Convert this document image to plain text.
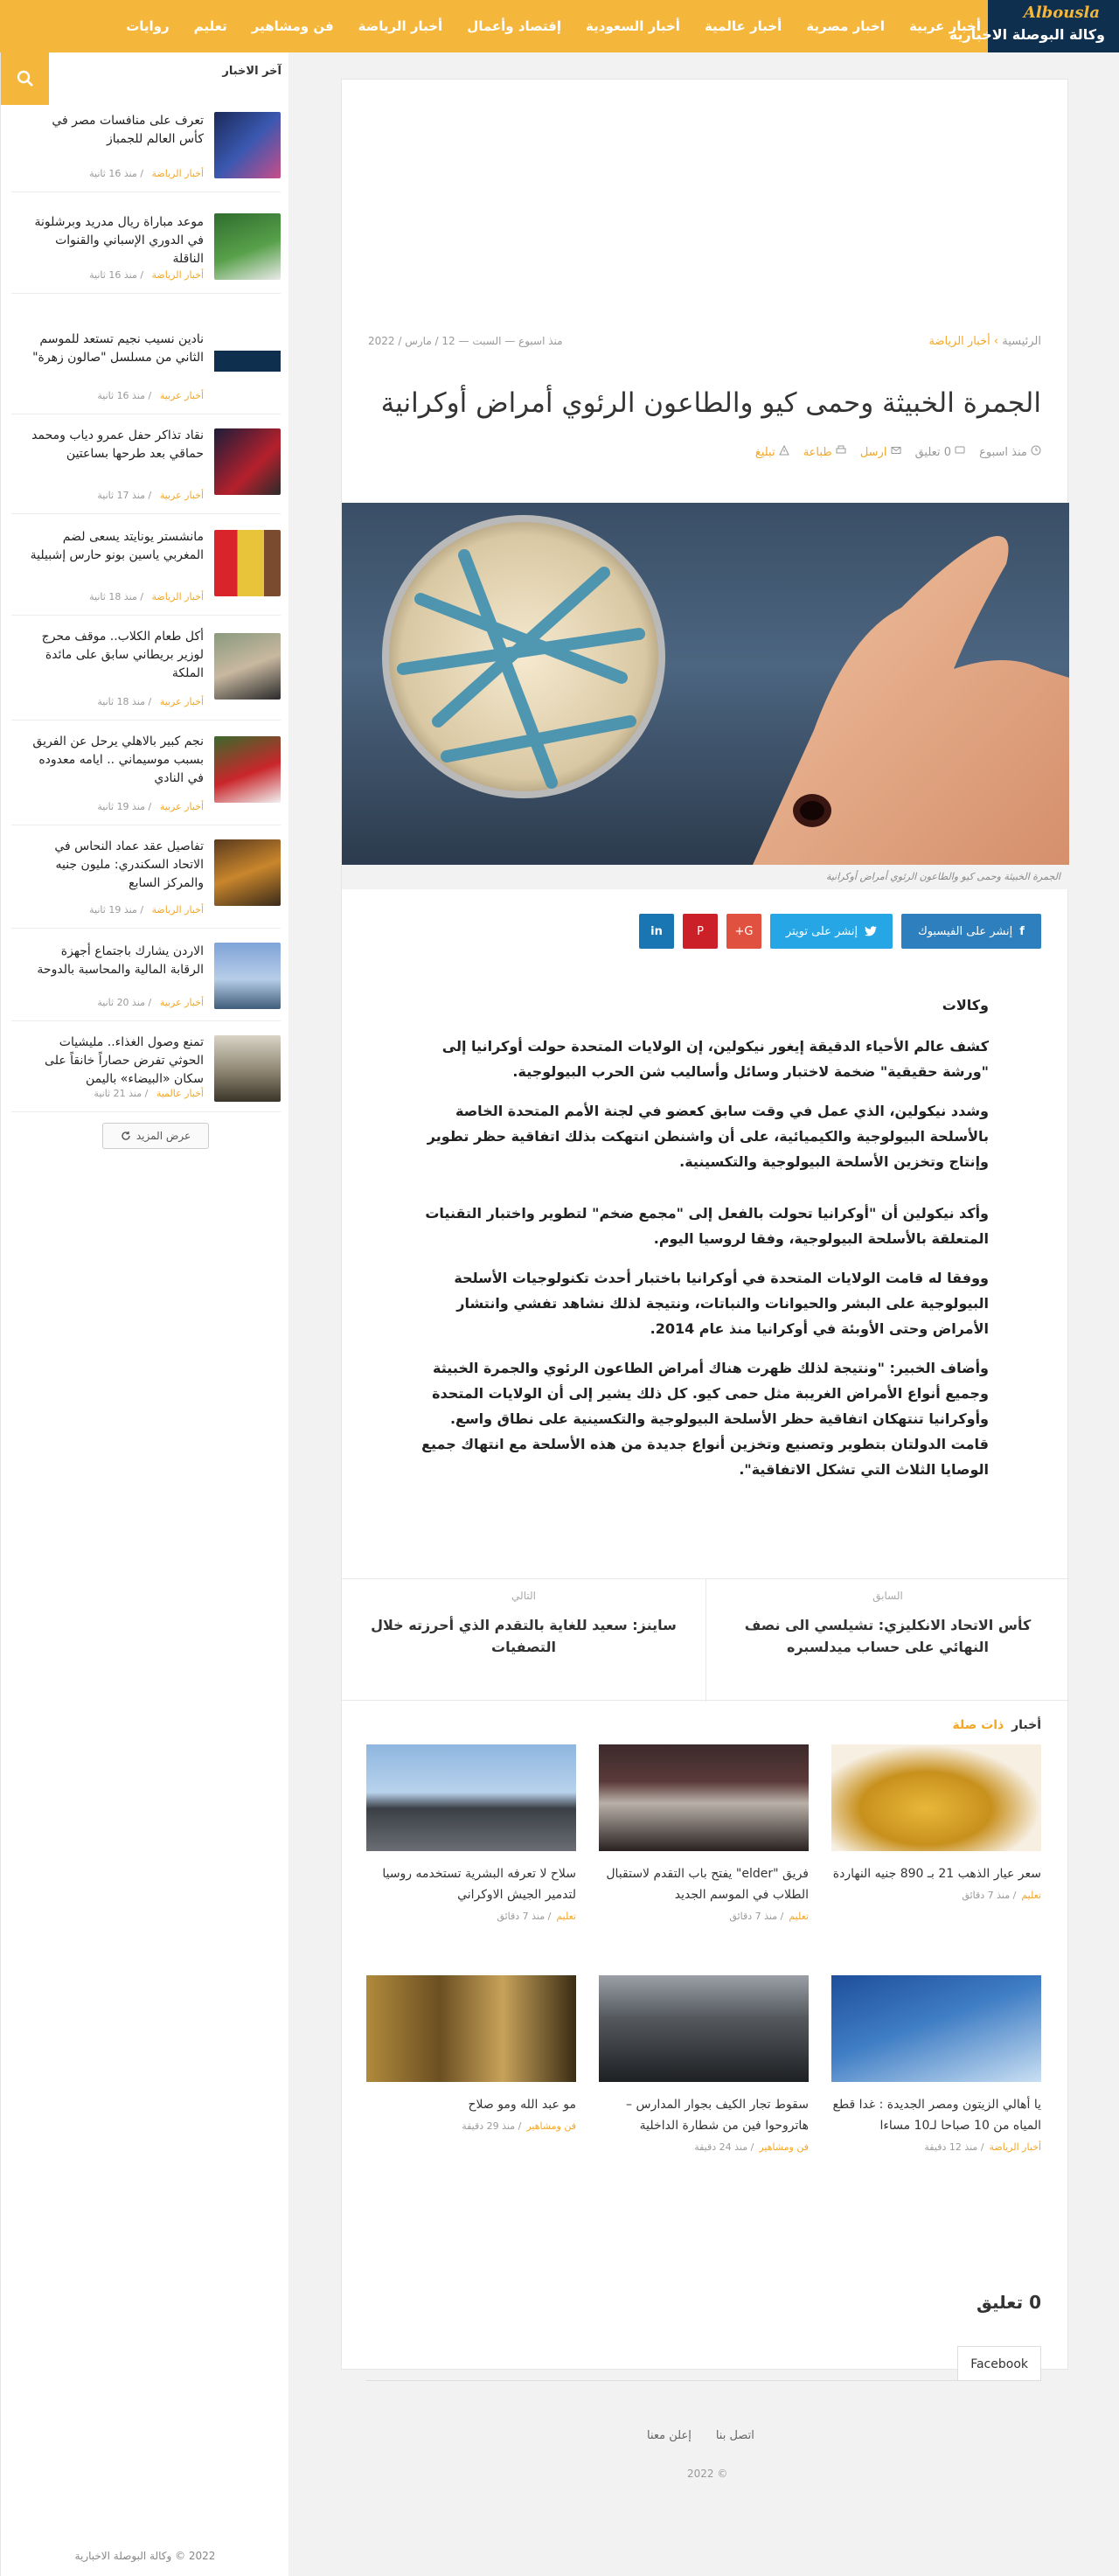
Albousla
وكالة البوصلة الاخبارية
أخبار عربية
اخبار مصرية
أخبار عالمية
أخبار السعودية
إقتصاد وأعمال
أخبار الرياضة
فن ومشاهير
تعليم
روايات
آخر الاخبار
تعرف على منافسات مصر في كأس العالم للجمباز
أخبار الرياضة / منذ 16 ثانية
موعد مباراة ريال مدريد وبرشلونة في الدوري الإسباني والقنوات الناقلة
أخبار الرياضة / منذ 16 ثانية
نادين نسيب نجيم تستعد للموسم الثاني من مسلسل "صالون زهرة"
أخبار عربية / منذ 16 ثانية
نقاد تذاكر حفل عمرو دياب ومحمد حماقي بعد طرحها بساعتين
أخبار عربية / منذ 17 ثانية
مانشستر يونايتد يسعى لضم المغربي ياسين بونو حارس إشبيلية
أخبار الرياضة / منذ 18 ثانية
أكل طعام الكلاب.. موقف محرج لوزير بريطاني سابق على مائدة الملكة
أخبار عربية / منذ 18 ثانية
نجم كبير بالاهلي يرحل عن الفريق بسبب موسيماني .. ايامه معدوده في النادي
أخبار عربية / منذ 19 ثانية
تفاصيل عقد عماد النحاس في الاتحاد السكندري: مليون جنيه والمركز السابع
أخبار الرياضة / منذ 19 ثانية
الاردن يشارك باجتماع أجهزة الرقابة المالية والمحاسبة بالدوحة
أخبار عربية / منذ 20 ثانية
تمنع وصول الغذاء.. مليشيات الحوثي تفرض حصاراً خانقاً على سكان «البيضاء» باليمن
أخبار عالمية / منذ 21 ثانية
عرض المزيد
2022 © وكالة البوصلة الاخبارية
الرئيسية › أخبار الرياضة
منذ اسبوع — السبت — 12 / مارس / 2022
الجمرة الخبيثة وحمى كيو والطاعون الرئوي أمراض أوكرانية
منذ اسبوع
0 تعليق
ارسل
طباعة
تبليغ
الجمرة الخبيثة وحمى كيو والطاعون الرئوي أمراض أوكرانية
f
إنشر على الفيسبوك
إنشر على تويتر
G+
P
in
وكالات

كشف عالم الأحياء الدقيقة إيغور نيكولين، إن الولايات المتحدة حولت أوكرانيا إلى "ورشة حقيقية" ضخمة لاختبار وسائل وأساليب شن الحرب البيولوجية.

وشدد نيكولين، الذي عمل في وقت سابق كعضو في لجنة الأمم المتحدة الخاصة بالأسلحة البيولوجية والكيميائية، على أن واشنطن انتهكت بذلك اتفاقية حظر تطوير وإنتاج وتخزين الأسلحة البيولوجية والتكسينية.

وأكد نيكولين أن "أوكرانيا تحولت بالفعل إلى "مجمع ضخم" لتطوير واختبار التقنيات المتعلقة بالأسلحة البيولوجية، وفقا لروسيا اليوم.

ووفقا له قامت الولايات المتحدة في أوكرانيا باختبار أحدث تكنولوجيات الأسلحة البيولوجية على البشر والحيوانات والنباتات، ونتيجة لذلك نشاهد تفشي وانتشار الأمراض وحتى الأوبئة في أوكرانيا منذ عام 2014.

وأضاف الخبير: "ونتيجة لذلك ظهرت هناك أمراض الطاعون الرئوي والجمرة الخبيثة وجميع أنواع الأمراض الغريبة مثل حمى كيو. كل ذلك يشير إلى أن الولايات المتحدة وأوكرانيا تنتهكان اتفاقية حظر الأسلحة البيولوجية والتكسينية على نطاق واسع. قامت الدولتان بتطوير وتصنيع وتخزين أنواع جديدة من هذه الأسلحة مع انتهاك جميع الوصايا الثلاث التي تشكل الاتفاقية".

السابق
كأس الاتحاد الانكليزي: تشيلسي الى نصف النهائي على حساب ميدلسبره
التالي
ساينز: سعيد للغاية بالتقدم الذي أحرزته خلال التصفيات
أخبار ذات صلة
سعر عيار الذهب 21 بـ 890 جنيه النهاردة
تعليم/ منذ 7 دقائق
فريق "elder" يفتح باب التقدم لاستقبال الطلاب في الموسم الجديد
تعليم/ منذ 7 دقائق
سلاح لا تعرفه البشرية تستخدمه روسيا لتدمير الجيش الاوكراني
تعليم/ منذ 7 دقائق
يا أهالي الزيتون ومصر الجديدة : غدا قطع المياه من 10 صباحا لـ10 مساءا
أخبار الرياضة/ منذ 12 دقيقة
سقوط تجار الكيف بجوار المدارس – هاتروحوا فين من شطارة الداخلية
فن ومشاهير/ منذ 24 دقيقة
مو عبد الله ومو صلاح
فن ومشاهير/ منذ 29 دقيقة
0 تعليق
Facebook
اتصل بنا
إعلن معنا
© 2022
